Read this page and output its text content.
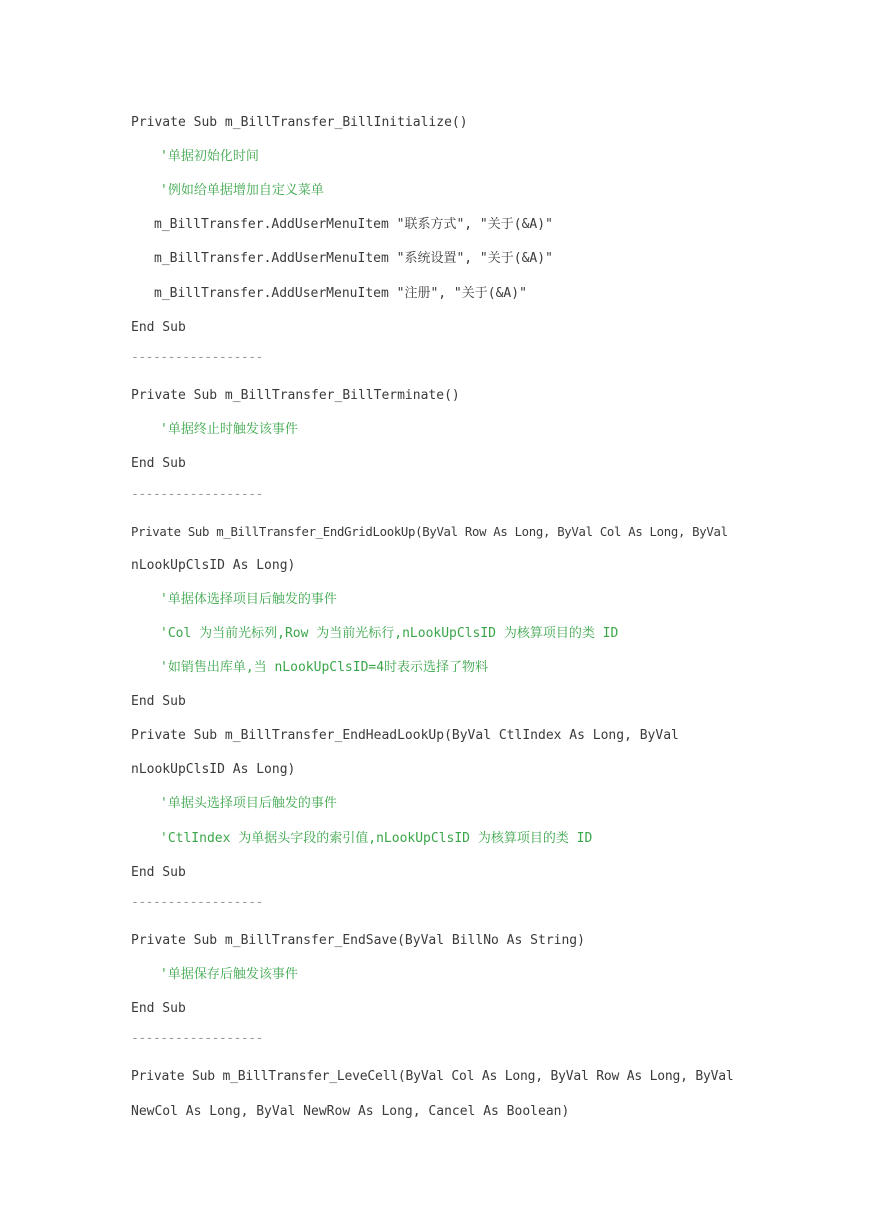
Private Sub m_BillTransfer_BillInitialize()
'单据初始化时间
'例如给单据增加自定义菜单
m_BillTransfer.AddUserMenuItem "联系方式", "关于(&A)"
m_BillTransfer.AddUserMenuItem "系统设置", "关于(&A)"
m_BillTransfer.AddUserMenuItem "注册", "关于(&A)"
End Sub
------------------
Private Sub m_BillTransfer_BillTerminate()
'单据终止时触发该事件
End Sub
------------------
Private Sub m_BillTransfer_EndGridLookUp(ByVal Row As Long, ByVal Col As Long, ByVal
nLookUpClsID As Long)
'单据体选择项目后触发的事件
'Col 为当前光标列,Row 为当前光标行,nLookUpClsID 为核算项目的类 ID
'如销售出库单,当 nLookUpClsID=4时表示选择了物料
End Sub
Private Sub m_BillTransfer_EndHeadLookUp(ByVal CtlIndex As Long, ByVal
nLookUpClsID As Long)
'单据头选择项目后触发的事件
'CtlIndex 为单据头字段的索引值,nLookUpClsID 为核算项目的类 ID
End Sub
------------------
Private Sub m_BillTransfer_EndSave(ByVal BillNo As String)
'单据保存后触发该事件
End Sub
------------------
Private Sub m_BillTransfer_LeveCell(ByVal Col As Long, ByVal Row As Long, ByVal
NewCol As Long, ByVal NewRow As Long, Cancel As Boolean)
